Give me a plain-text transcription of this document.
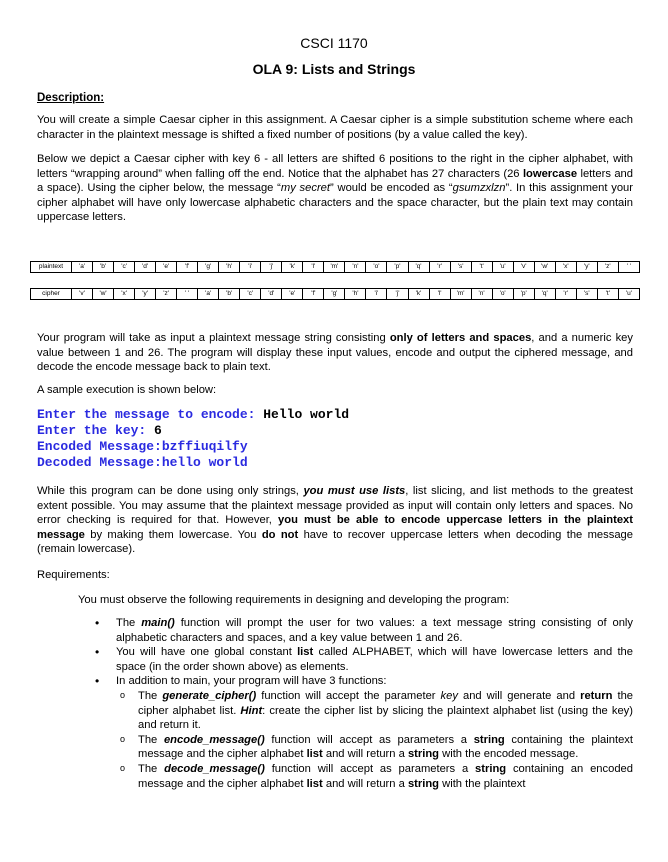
CSCI 1170
OLA 9: Lists and Strings
Description:
You will create a simple Caesar cipher in this assignment. A Caesar cipher is a simple substitution scheme where each character in the plaintext message is shifted a fixed number of positions (by a value called the key).
Below we depict a Caesar cipher with key 6 - all letters are shifted 6 positions to the right in the cipher alphabet, with letters “wrapping around” when falling off the end. Notice that the alphabet has 27 characters (26 lowercase letters and a space). Using the cipher below, the message “my secret” would be encoded as “gsumzxlzn”. In this assignment your cipher alphabet will have only lowercase alphabetic characters and the space character, but the plain text may contain uppercase letters.
plaintext	'a'	'b'	'c'	'd'	'e'	'f'	'g'	'h'	'i'	'j'	'k'	'l'	'm'	'n'	'o'	'p'	'q'	'r'	's'	't'	'u'	'v'	'w'	'x'	'y'	'z'	' '
cipher	'v'	'w'	'x'	'y'	'z'	' '	'a'	'b'	'c'	'd'	'e'	'f'	'g'	'h'	'i'	'j'	'k'	'l'	'm'	'n'	'o'	'p'	'q'	'r'	's'	't'	'u'
Your program will take as input a plaintext message string consisting only of letters and spaces, and a numeric key value between 1 and 26. The program will display these input values, encode and output the ciphered message, and decode the encode message back to plain text.
A sample execution is shown below:
Enter the message to encode: Hello world
Enter the key: 6
Encoded Message:bzffiuqilfy
Decoded Message:hello world
While this program can be done using only strings, you must use lists, list slicing, and list methods to the greatest extent possible. You may assume that the plaintext message provided as input will contain only letters and spaces. No error checking is required for that. However, you must be able to encode uppercase letters in the plaintext message by making them lowercase. You do not have to recover uppercase letters when decoding the message (remain lowercase).
Requirements:
You must observe the following requirements in designing and developing the program:
• The main() function will prompt the user for two values: a text message string consisting of only alphabetic characters and spaces, and a key value between 1 and 26.
• You will have one global constant list called ALPHABET, which will have lowercase letters and the space (in the order shown above) as elements.
• In addition to main, your program will have 3 functions:
o The generate_cipher() function will accept the parameter key and will generate and return the cipher alphabet list. Hint: create the cipher list by slicing the plaintext alphabet list (using the key) and return it.
o The encode_message() function will accept as parameters a string containing the plaintext message and the cipher alphabet list and will return a string with the encoded message.
o The decode_message() function will accept as parameters a string containing an encoded message and the cipher alphabet list and will return a string with the plaintext
